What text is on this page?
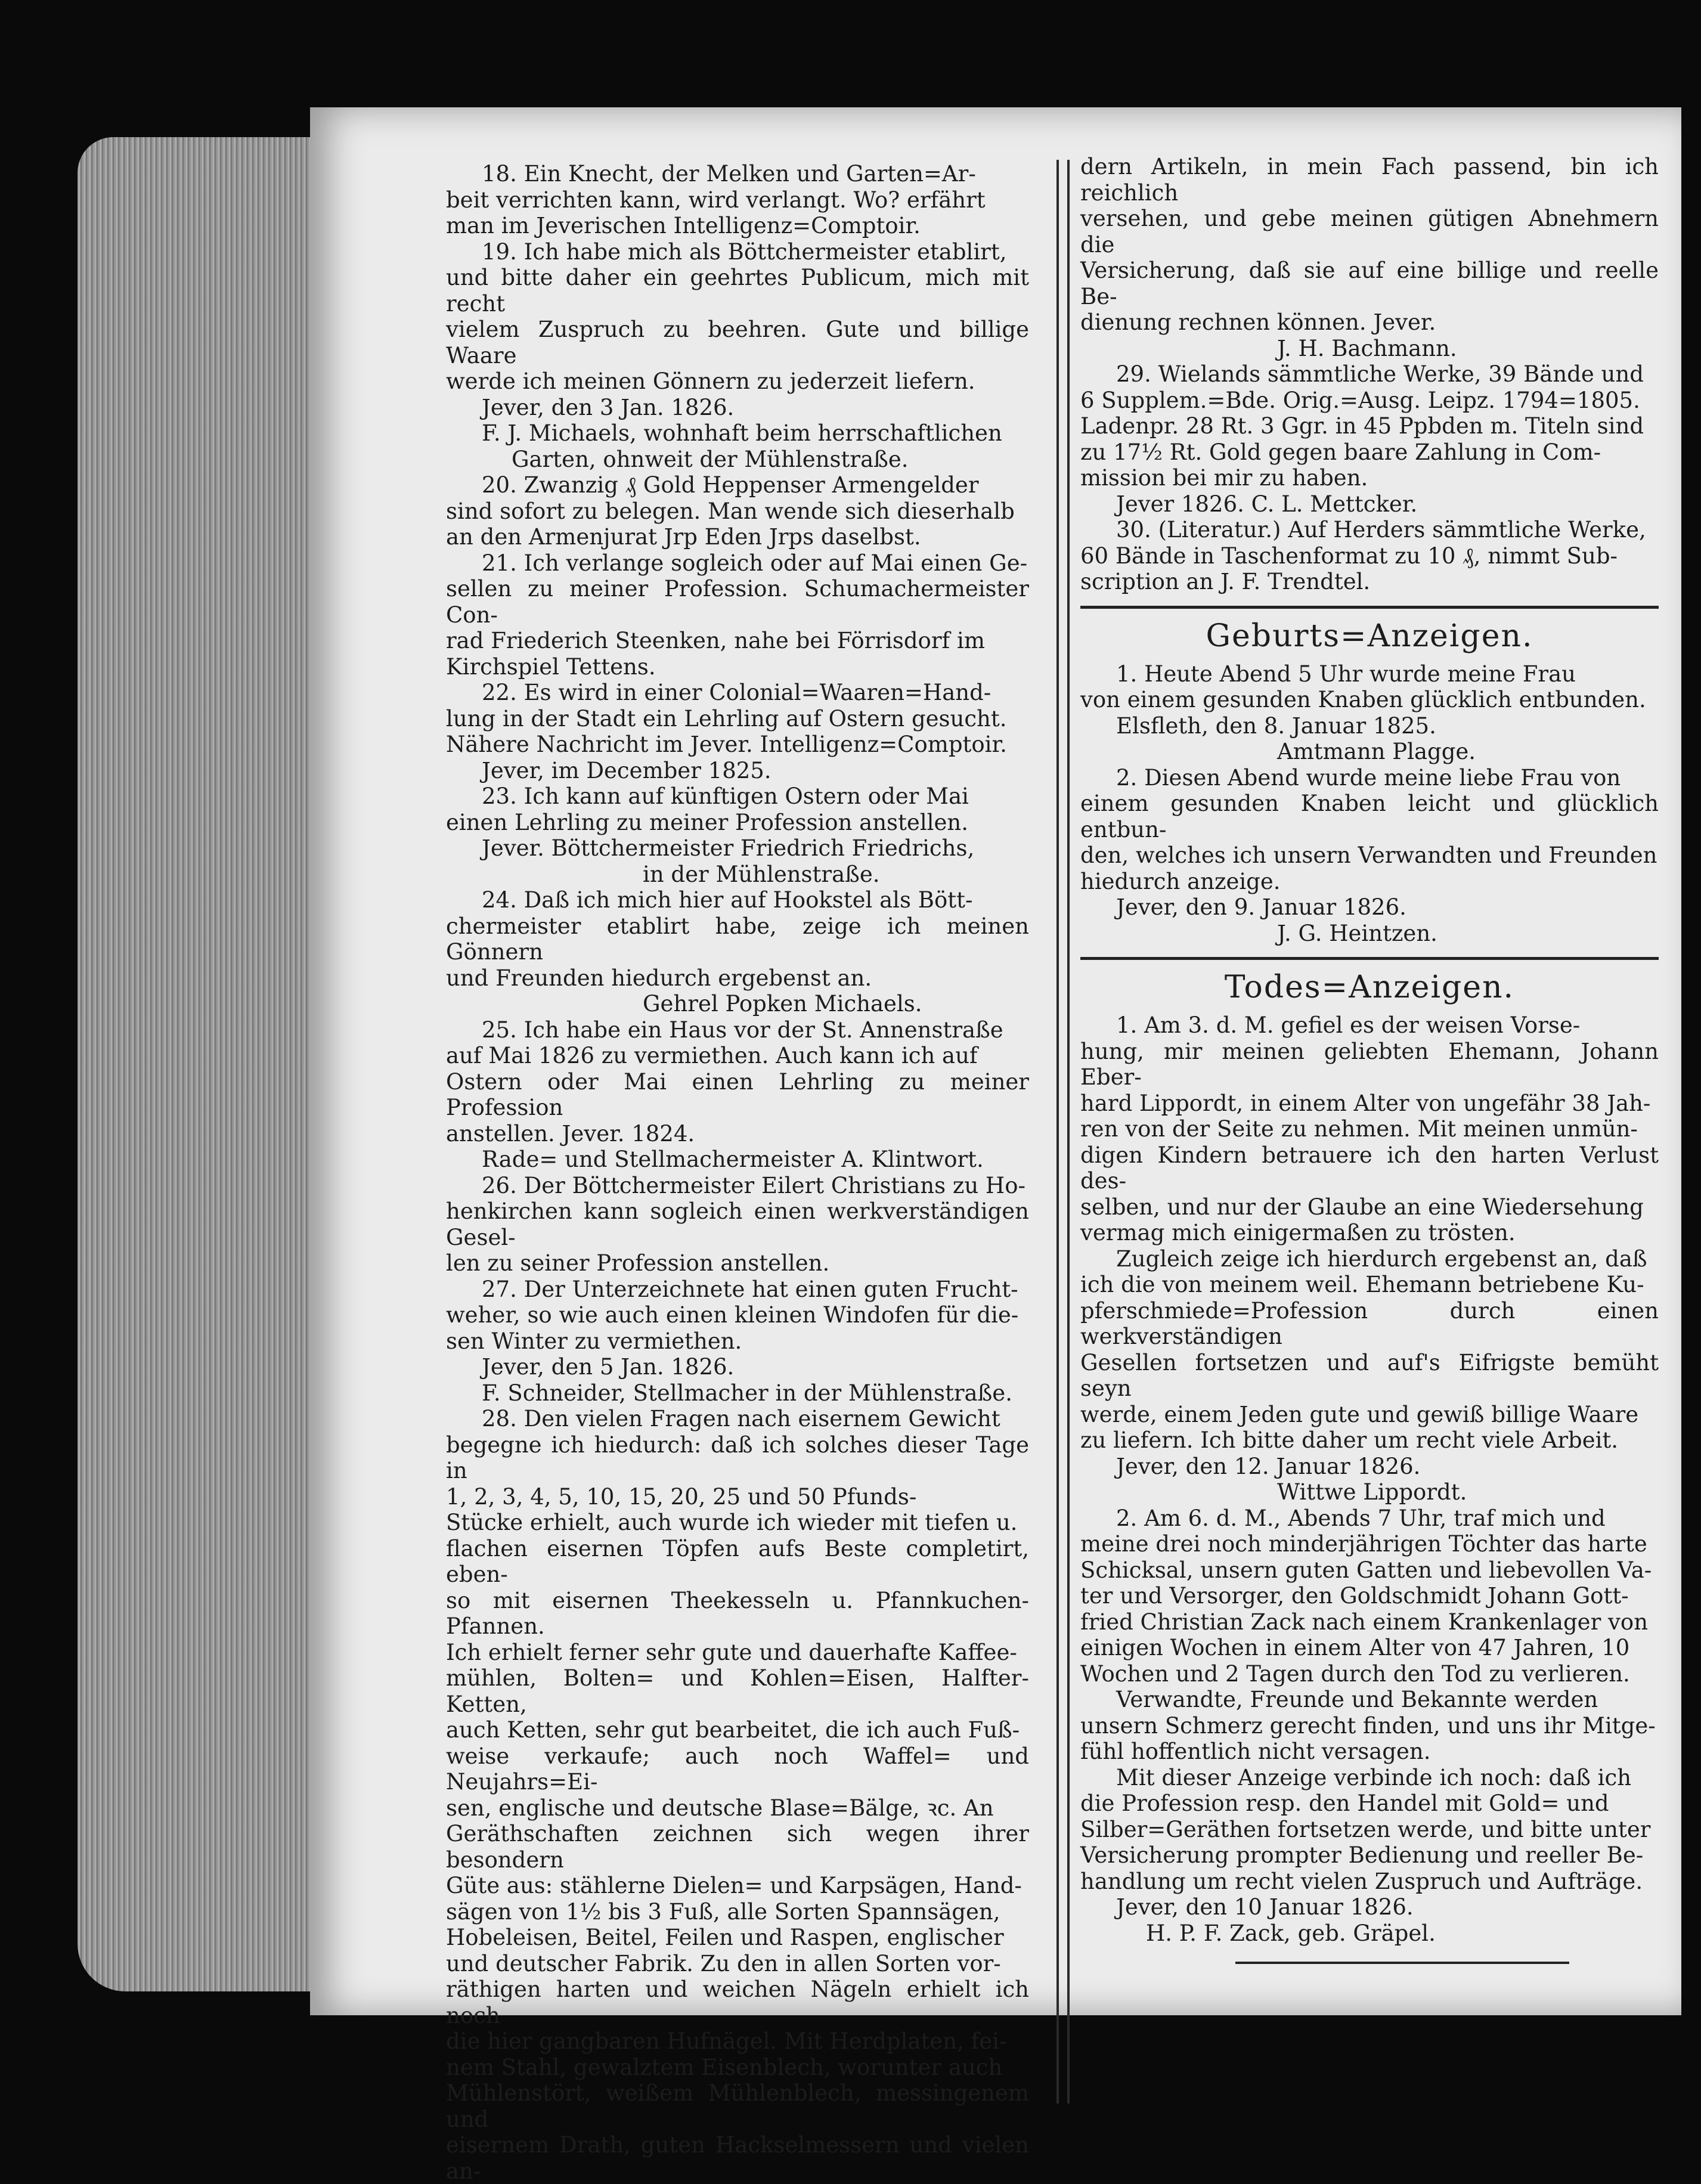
18. Ein Knecht, der Melken und Garten=Ar-

beit verrichten kann, wird verlangt. Wo? erfährt

man im Jeverischen Intelligenz=Comptoir.

19. Ich habe mich als Böttchermeister etablirt,

und bitte daher ein geehrtes Publicum, mich mit recht

vielem Zuspruch zu beehren. Gute und billige Waare

werde ich meinen Gönnern zu jederzeit liefern.

Jever, den 3 Jan. 1826.

F. J. Michaels, wohnhaft beim herrschaftlichen

Garten, ohnweit der Mühlenstraße.

20. Zwanzig ₰ Gold Heppenser Armengelder

sind sofort zu belegen. Man wende sich dieserhalb

an den Armenjurat Jrp Eden Jrps daselbst.

21. Ich verlange sogleich oder auf Mai einen Ge-

sellen zu meiner Profession. Schumachermeister Con-

rad Friederich Steenken, nahe bei Förrisdorf im

Kirchspiel Tettens.

22. Es wird in einer Colonial=Waaren=Hand-

lung in der Stadt ein Lehrling auf Ostern gesucht.

Nähere Nachricht im Jever. Intelligenz=Comptoir.

Jever, im December 1825.

23. Ich kann auf künftigen Ostern oder Mai

einen Lehrling zu meiner Profession anstellen.

Jever. Böttchermeister Friedrich Friedrichs,

in der Mühlenstraße.

24. Daß ich mich hier auf Hookstel als Bött-

chermeister etablirt habe, zeige ich meinen Gönnern

und Freunden hiedurch ergebenst an.

Gehrel Popken Michaels.

25. Ich habe ein Haus vor der St. Annenstraße

auf Mai 1826 zu vermiethen. Auch kann ich auf

Ostern oder Mai einen Lehrling zu meiner Profession

anstellen. Jever. 1824.

Rade= und Stellmachermeister A. Klintwort.

26. Der Böttchermeister Eilert Christians zu Ho-

henkirchen kann sogleich einen werkverständigen Gesel-

len zu seiner Profession anstellen.

27. Der Unterzeichnete hat einen guten Frucht-

weher, so wie auch einen kleinen Windofen für die-

sen Winter zu vermiethen.

Jever, den 5 Jan. 1826.

F. Schneider, Stellmacher in der Mühlenstraße.

28. Den vielen Fragen nach eisernem Gewicht

begegne ich hiedurch: daß ich solches dieser Tage in

1, 2, 3, 4, 5, 10, 15, 20, 25 und 50 Pfunds-

Stücke erhielt, auch wurde ich wieder mit tiefen u.

flachen eisernen Töpfen aufs Beste completirt, eben-

so mit eisernen Theekesseln u. Pfannkuchen-Pfannen.

Ich erhielt ferner sehr gute und dauerhafte Kaffee-

mühlen, Bolten= und Kohlen=Eisen, Halfter-Ketten,

auch Ketten, sehr gut bearbeitet, die ich auch Fuß-

weise verkaufe; auch noch Waffel= und Neujahrs=Ei-

sen, englische und deutsche Blase=Bälge, ꝛc. An

Geräthschaften zeichnen sich wegen ihrer besondern

Güte aus: stählerne Dielen= und Karpsägen, Hand-

sägen von 1½ bis 3 Fuß, alle Sorten Spannsägen,

Hobeleisen, Beitel, Feilen und Raspen, englischer

und deutscher Fabrik. Zu den in allen Sorten vor-

räthigen harten und weichen Nägeln erhielt ich noch

die hier gangbaren Hufnägel. Mit Herdplaten, fei-

nem Stahl, gewalztem Eisenblech, worunter auch

Mühlenstört, weißem Mühlenblech, messingenem und

eisernem Drath, guten Hackselmessern und vielen an-

dern Artikeln, in mein Fach passend, bin ich reichlich

versehen, und gebe meinen gütigen Abnehmern die

Versicherung, daß sie auf eine billige und reelle Be-

dienung rechnen können. Jever.

J. H. Bachmann.

29. Wielands sämmtliche Werke, 39 Bände und

6 Supplem.=Bde. Orig.=Ausg. Leipz. 1794=1805.

Ladenpr. 28 Rt. 3 Ggr. in 45 Ppbden m. Titeln sind

zu 17½ Rt. Gold gegen baare Zahlung in Com-

mission bei mir zu haben.

Jever 1826. C. L. Mettcker.

30. (Literatur.) Auf Herders sämmtliche Werke,

60 Bände in Taschenformat zu 10 ₰, nimmt Sub-

scription an J. F. Trendtel.

Geburts=Anzeigen.

1. Heute Abend 5 Uhr wurde meine Frau

von einem gesunden Knaben glücklich entbunden.

Elsfleth, den 8. Januar 1825.

Amtmann Plagge.

2. Diesen Abend wurde meine liebe Frau von

einem gesunden Knaben leicht und glücklich entbun-

den, welches ich unsern Verwandten und Freunden

hiedurch anzeige.

Jever, den 9. Januar 1826.

J. G. Heintzen.

Todes=Anzeigen.

1. Am 3. d. M. gefiel es der weisen Vorse-

hung, mir meinen geliebten Ehemann, Johann Eber-

hard Lippordt, in einem Alter von ungefähr 38 Jah-

ren von der Seite zu nehmen. Mit meinen unmün-

digen Kindern betrauere ich den harten Verlust des-

selben, und nur der Glaube an eine Wiedersehung

vermag mich einigermaßen zu trösten.

Zugleich zeige ich hierdurch ergebenst an, daß

ich die von meinem weil. Ehemann betriebene Ku-

pferschmiede=Profession durch einen werkverständigen

Gesellen fortsetzen und auf's Eifrigste bemüht seyn

werde, einem Jeden gute und gewiß billige Waare

zu liefern. Ich bitte daher um recht viele Arbeit.

Jever, den 12. Januar 1826.

Wittwe Lippordt.

2. Am 6. d. M., Abends 7 Uhr, traf mich und

meine drei noch minderjährigen Töchter das harte

Schicksal, unsern guten Gatten und liebevollen Va-

ter und Versorger, den Goldschmidt Johann Gott-

fried Christian Zack nach einem Krankenlager von

einigen Wochen in einem Alter von 47 Jahren, 10

Wochen und 2 Tagen durch den Tod zu verlieren.

Verwandte, Freunde und Bekannte werden

unsern Schmerz gerecht finden, und uns ihr Mitge-

fühl hoffentlich nicht versagen.

Mit dieser Anzeige verbinde ich noch: daß ich

die Profession resp. den Handel mit Gold= und

Silber=Geräthen fortsetzen werde, und bitte unter

Versicherung prompter Bedienung und reeller Be-

handlung um recht vielen Zuspruch und Aufträge.

Jever, den 10 Januar 1826.

H. P. F. Zack, geb. Gräpel.
